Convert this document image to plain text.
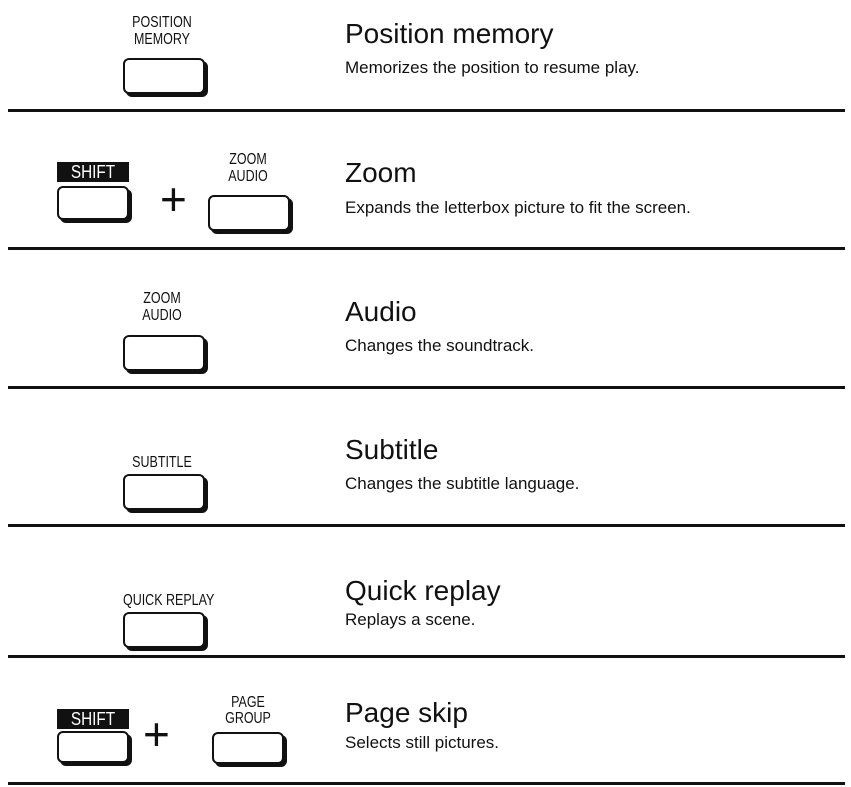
POSITION
MEMORY	Position memory
Memorizes the position to resume play.
SHIFT
+
ZOOM
AUDIO	Zoom
Expands the letterbox picture to fit the screen.
ZOOM
AUDIO	Audio
Changes the soundtrack.
SUBTITLE	Subtitle
Changes the subtitle language.
QUICK REPLAY	Quick replay
Replays a scene.
SHIFT +
PAGE
GROUP	Page skip
Selects still pictures.
